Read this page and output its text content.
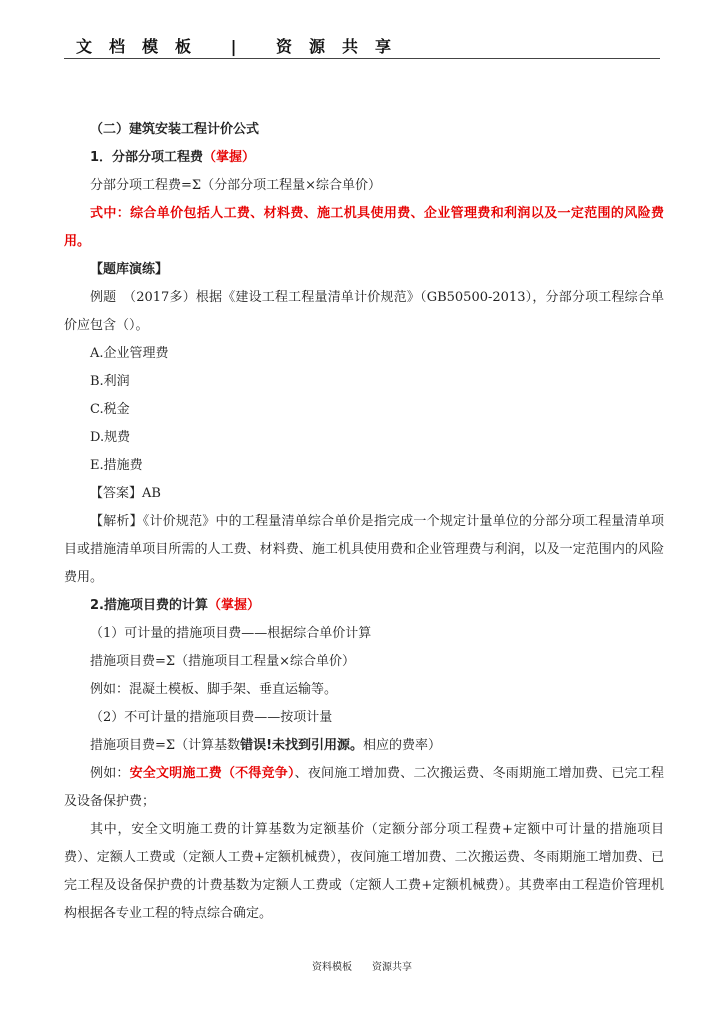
文档模板 | 资源共享

（二）建筑安装工程计价公式

1．分部分项工程费（掌握）

分部分项工程费=Σ（分部分项工程量×综合单价）

式中：综合单价包括人工费、材料费、施工机具使用费、企业管理费和利润以及一定范围的风险费用。

【题库演练】

例题　（2017多）根据《建设工程工程量清单计价规范》（GB50500-2013），分部分项工程综合单价应包含（）。

A.企业管理费

B.利润

C.税金

D.规费

E.措施费

【答案】AB

【解析】《计价规范》中的工程量清单综合单价是指完成一个规定计量单位的分部分项工程量清单项目或措施清单项目所需的人工费、材料费、施工机具使用费和企业管理费与利润，以及一定范围内的风险费用。

2.措施项目费的计算（掌握）

（1）可计量的措施项目费——根据综合单价计算

措施项目费=Σ（措施项目工程量×综合单价）

例如：混凝土模板、脚手架、垂直运输等。

（2）不可计量的措施项目费——按项计量

措施项目费=Σ（计算基数错误!未找到引用源。相应的费率）

例如：安全文明施工费（不得竞争）、夜间施工增加费、二次搬运费、冬雨期施工增加费、已完工程及设备保护费；

其中，安全文明施工费的计算基数为定额基价（定额分部分项工程费+定额中可计量的措施项目费）、定额人工费或（定额人工费+定额机械费），夜间施工增加费、二次搬运费、冬雨期施工增加费、已完工程及设备保护费的计费基数为定额人工费或（定额人工费+定额机械费）。其费率由工程造价管理机构根据各专业工程的特点综合确定。

资料模板　　资源共享
